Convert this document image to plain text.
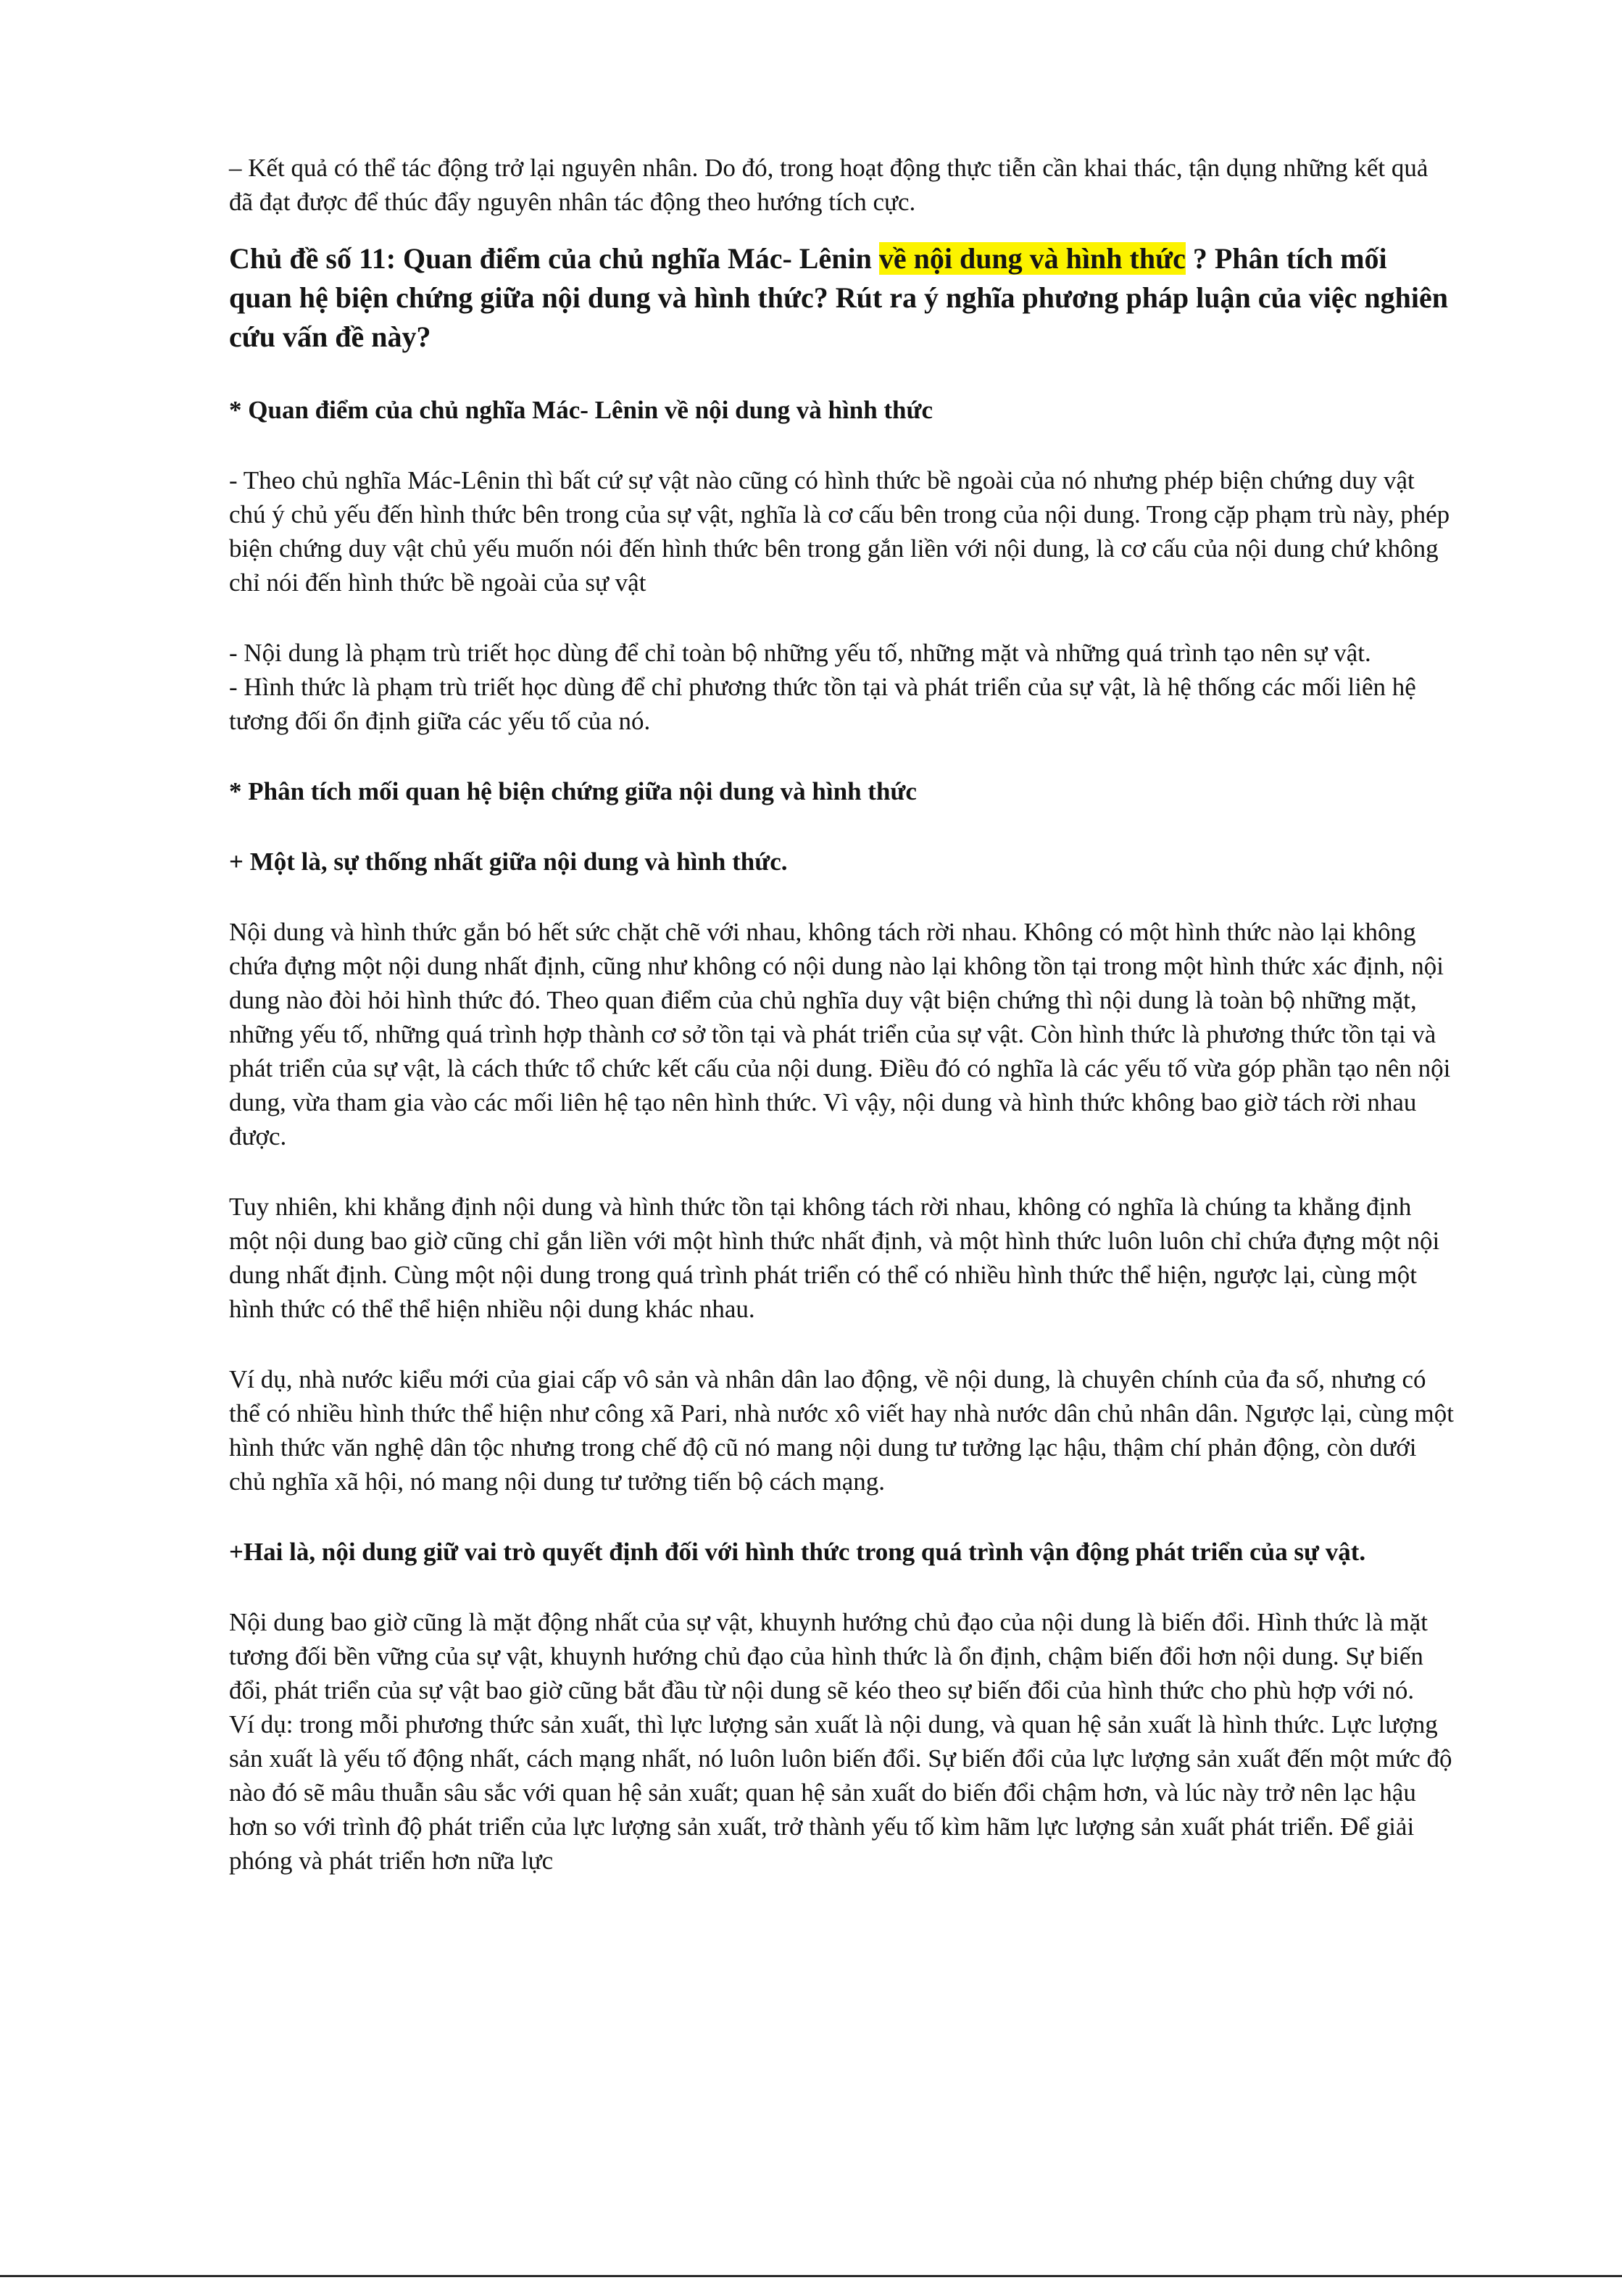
– Kết quả có thể tác động trở lại nguyên nhân. Do đó, trong hoạt động thực tiễn cần khai thác, tận dụng những kết quả đã đạt được để thúc đẩy nguyên nhân tác động theo hướng tích cực.

Chủ đề số 11: Quan điểm của chủ nghĩa Mác- Lênin về nội dung và hình thức ? Phân tích mối quan hệ biện chứng giữa nội dung và hình thức? Rút ra ý nghĩa phương pháp luận của việc nghiên cứu vấn đề này?

* Quan điểm của chủ nghĩa Mác- Lênin về nội dung và hình thức

- Theo chủ nghĩa Mác-Lênin thì bất cứ sự vật nào cũng có hình thức bề ngoài của nó nhưng phép biện chứng duy vật chú ý chủ yếu đến hình thức bên trong của sự vật, nghĩa là cơ cấu bên trong của nội dung. Trong cặp phạm trù này, phép biện chứng duy vật chủ yếu muốn nói đến hình thức bên trong gắn liền với nội dung, là cơ cấu của nội dung chứ không chỉ nói đến hình thức bề ngoài của sự vật

- Nội dung là phạm trù triết học dùng để chỉ toàn bộ những yếu tố, những mặt và những quá trình tạo nên sự vật.

- Hình thức là phạm trù triết học dùng để chỉ phương thức tồn tại và phát triển của sự vật, là hệ thống các mối liên hệ tương đối ổn định giữa các yếu tố của nó.

* Phân tích mối quan hệ biện chứng giữa nội dung và hình thức

+ Một là, sự thống nhất giữa nội dung và hình thức.

Nội dung và hình thức gắn bó hết sức chặt chẽ với nhau, không tách rời nhau. Không có một hình thức nào lại không chứa đựng một nội dung nhất định, cũng như không có nội dung nào lại không tồn tại trong một hình thức xác định, nội dung nào đòi hỏi hình thức đó. Theo quan điểm của chủ nghĩa duy vật biện chứng thì nội dung là toàn bộ những mặt, những yếu tố, những quá trình hợp thành cơ sở tồn tại và phát triển của sự vật. Còn hình thức là phương thức tồn tại và phát triển của sự vật, là cách thức tổ chức kết cấu của nội dung. Điều đó có nghĩa là các yếu tố vừa góp phần tạo nên nội dung, vừa tham gia vào các mối liên hệ tạo nên hình thức. Vì vậy, nội dung và hình thức không bao giờ tách rời nhau được.

Tuy nhiên, khi khẳng định nội dung và hình thức tồn tại không tách rời nhau, không có nghĩa là chúng ta khẳng định một nội dung bao giờ cũng chỉ gắn liền với một hình thức nhất định, và một hình thức luôn luôn chỉ chứa đựng một nội dung nhất định. Cùng một nội dung trong quá trình phát triển có thể có nhiều hình thức thể hiện, ngược lại, cùng một hình thức có thể thể hiện nhiều nội dung khác nhau.

Ví dụ, nhà nước kiểu mới của giai cấp vô sản và nhân dân lao động, về nội dung, là chuyên chính của đa số, nhưng có thể có nhiều hình thức thể hiện như công xã Pari, nhà nước xô viết hay nhà nước dân chủ nhân dân. Ngược lại, cùng một hình thức văn nghệ dân tộc nhưng trong chế độ cũ nó mang nội dung tư tưởng lạc hậu, thậm chí phản động, còn dưới chủ nghĩa xã hội, nó mang nội dung tư tưởng tiến bộ cách mạng.

+Hai là, nội dung giữ vai trò quyết định đối với hình thức trong quá trình vận động phát triển của sự vật.

Nội dung bao giờ cũng là mặt động nhất của sự vật, khuynh hướng chủ đạo của nội dung là biến đổi. Hình thức là mặt tương đối bền vững của sự vật, khuynh hướng chủ đạo của hình thức là ổn định, chậm biến đổi hơn nội dung. Sự biến đổi, phát triển của sự vật bao giờ cũng bắt đầu từ nội dung sẽ kéo theo sự biến đổi của hình thức cho phù hợp với nó.

Ví dụ: trong mỗi phương thức sản xuất, thì lực lượng sản xuất là nội dung, và quan hệ sản xuất là hình thức. Lực lượng sản xuất là yếu tố động nhất, cách mạng nhất, nó luôn luôn biến đổi. Sự biến đổi của lực lượng sản xuất đến một mức độ nào đó sẽ mâu thuẫn sâu sắc với quan hệ sản xuất; quan hệ sản xuất do biến đổi chậm hơn, và lúc này trở nên lạc hậu hơn so với trình độ phát triển của lực lượng sản xuất, trở thành yếu tố kìm hãm lực lượng sản xuất phát triển. Để giải phóng và phát triển hơn nữa lực
